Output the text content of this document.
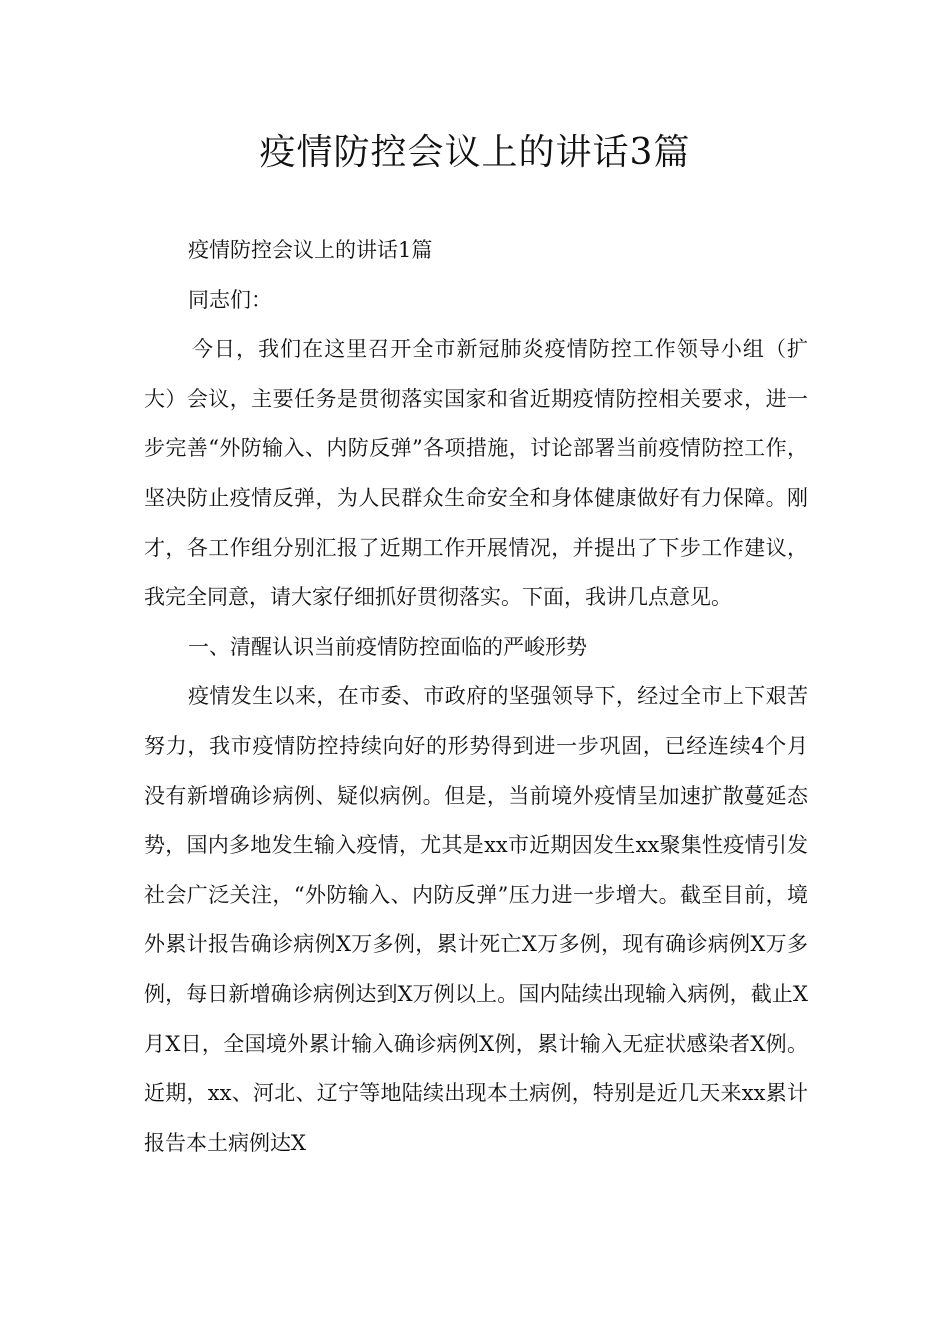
疫情防控会议上的讲话3篇

疫情防控会议上的讲话1篇

同志们：

今日，我们在这里召开全市新冠肺炎疫情防控工作领导小组（扩大）会议，主要任务是贯彻落实国家和省近期疫情防控相关要求，进一步完善“外防输入、内防反弹”各项措施，讨论部署当前疫情防控工作，坚决防止疫情反弹，为人民群众生命安全和身体健康做好有力保障。刚才，各工作组分别汇报了近期工作开展情况，并提出了下步工作建议，我完全同意，请大家仔细抓好贯彻落实。下面，我讲几点意见。

一、清醒认识当前疫情防控面临的严峻形势

疫情发生以来，在市委、市政府的坚强领导下，经过全市上下艰苦努力，我市疫情防控持续向好的形势得到进一步巩固，已经连续4个月没有新增确诊病例、疑似病例。但是，当前境外疫情呈加速扩散蔓延态势，国内多地发生输入疫情，尤其是xx市近期因发生xx聚集性疫情引发社会广泛关注，“外防输入、内防反弹”压力进一步增大。截至目前，境外累计报告确诊病例X万多例，累计死亡X万多例，现有确诊病例X万多例，每日新增确诊病例达到X万例以上。国内陆续出现输入病例，截止X月X日，全国境外累计输入确诊病例X例，累计输入无症状感染者X例。近期，xx、河北、辽宁等地陆续出现本土病例，特别是近几天来xx累计报告本土病例达X
